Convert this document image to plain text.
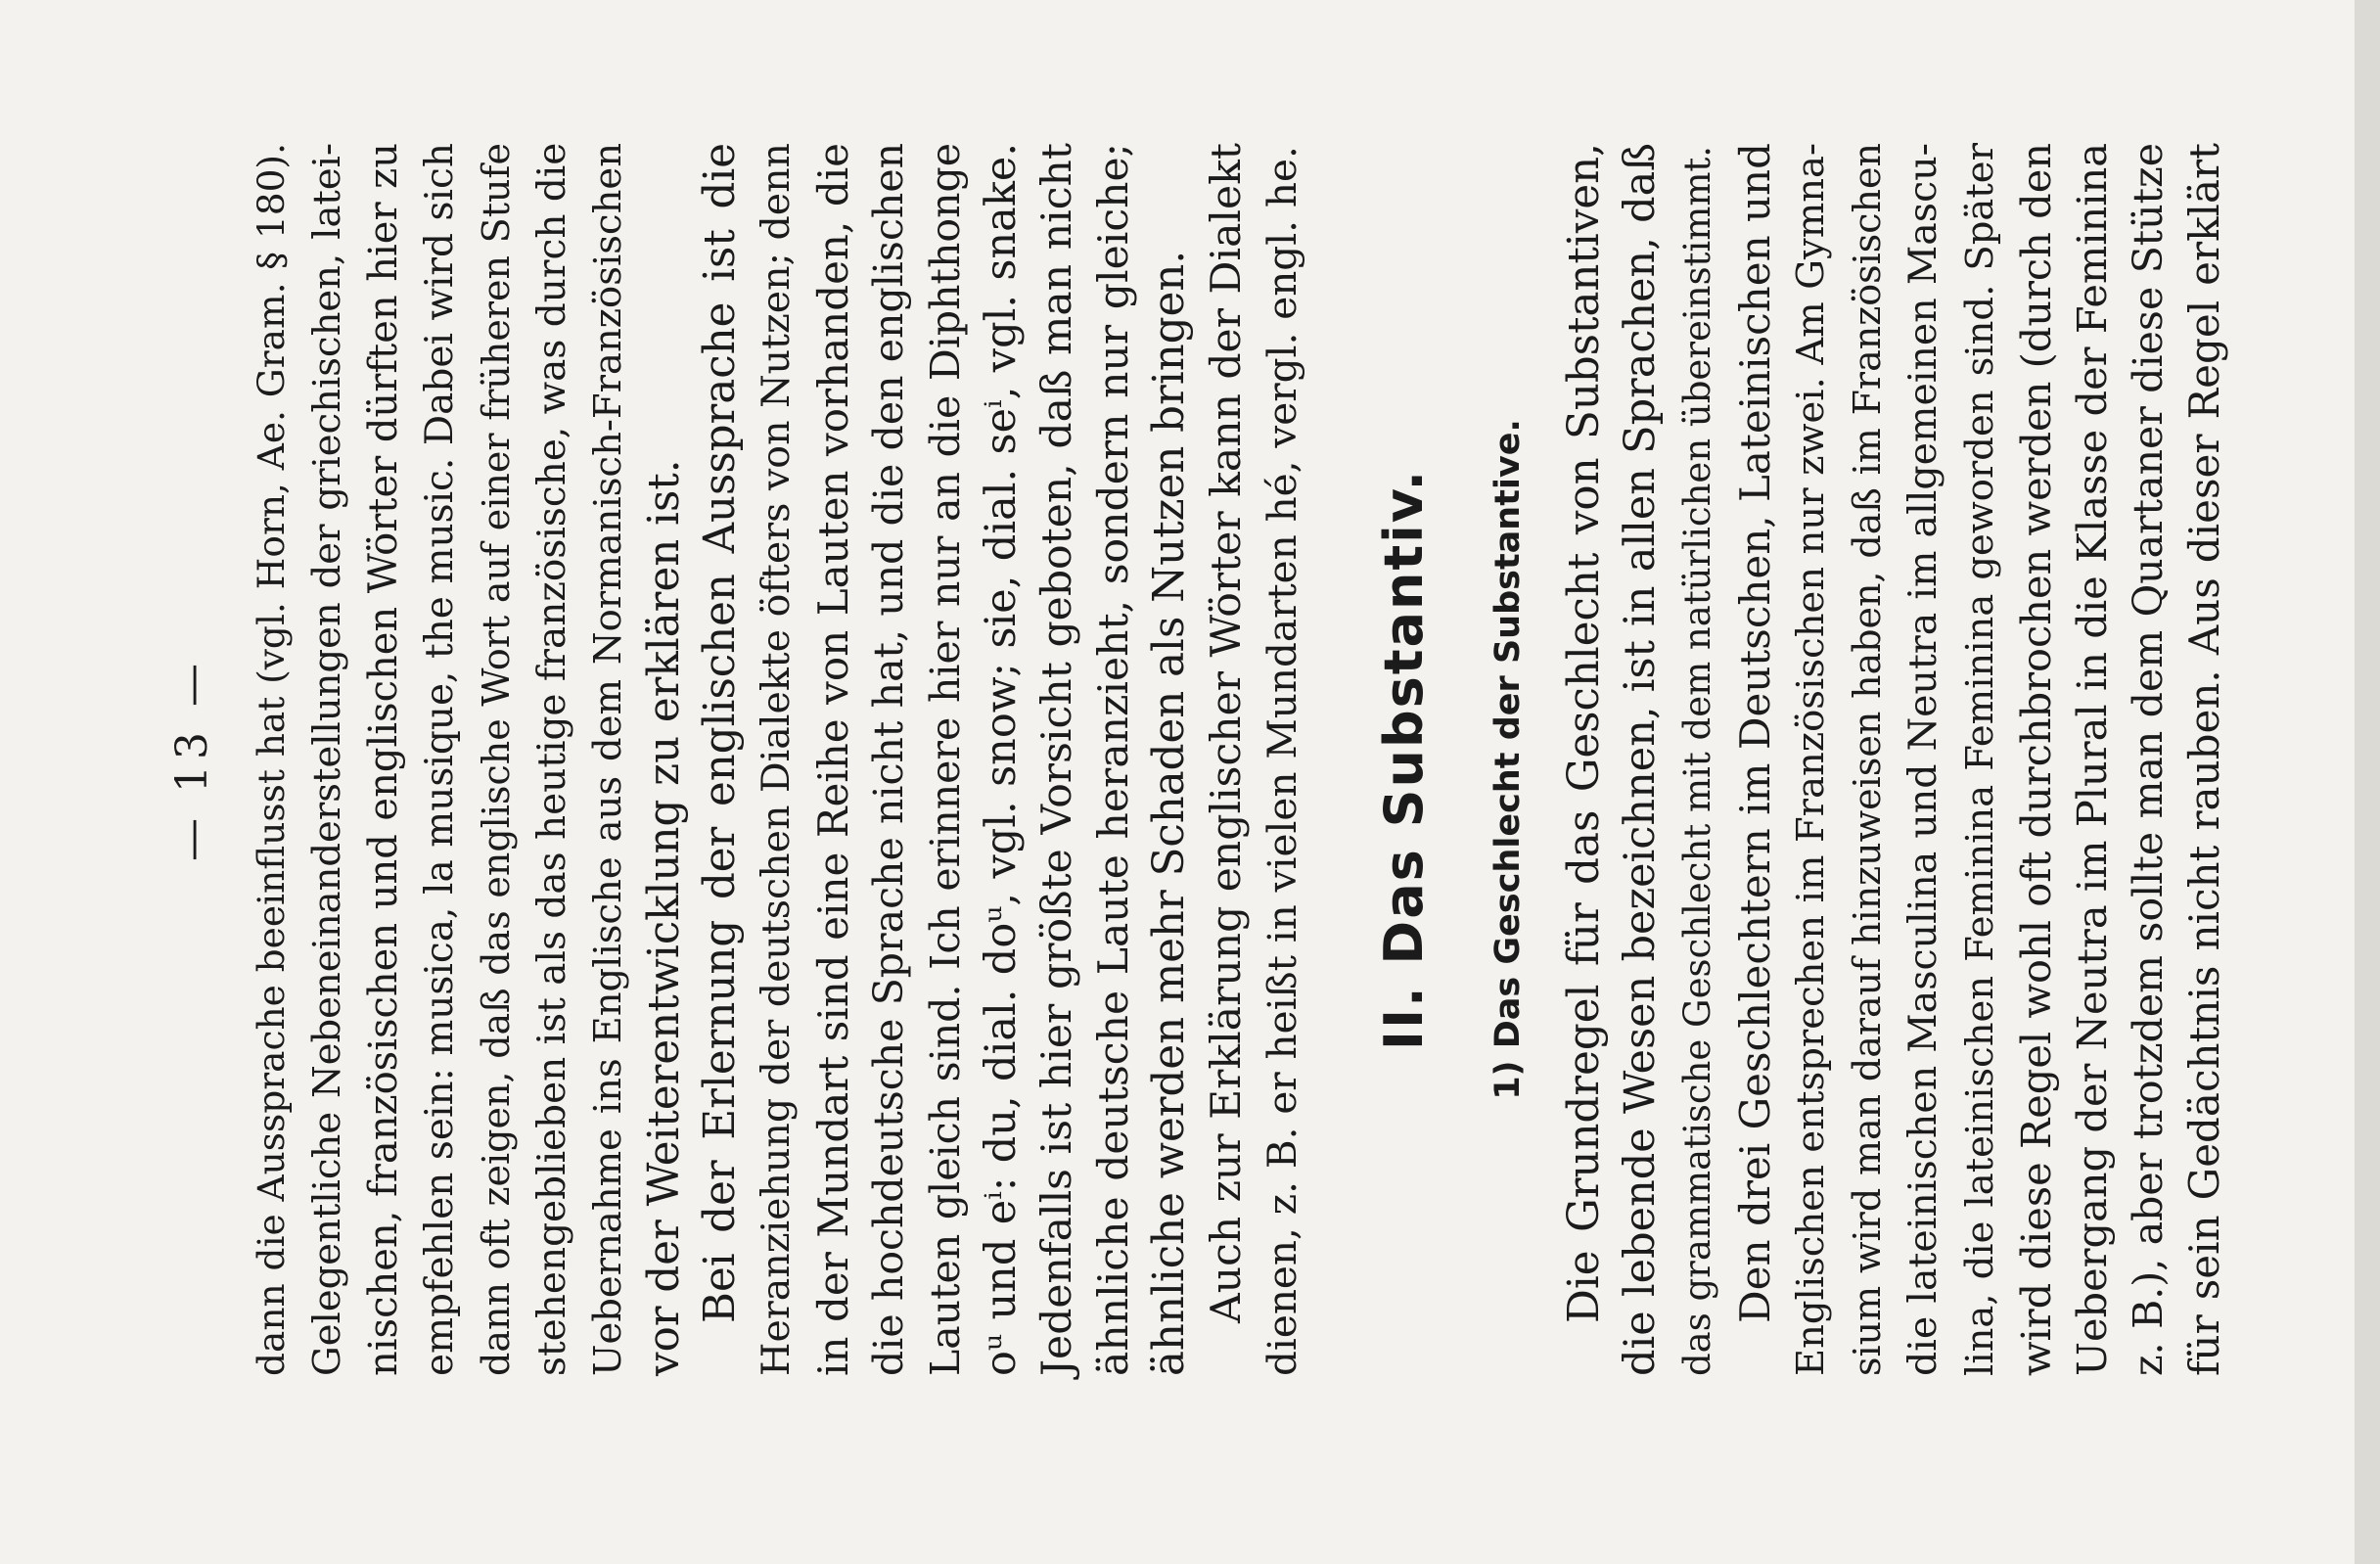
— 13 — dann die Aussprache beeinflusst hat (vgl. Horn, Ae. Gram. § 180). Gelegentliche Nebeneinanderstellungen der griechischen, latei- nischen, französischen und englischen Wörter dürften hier zu empfehlen sein: musica, la musique, the music. Dabei wird sich dann oft zeigen, daß das englische Wort auf einer früheren Stufe stehengeblieben ist als das heutige französische, was durch die Uebernahme ins Englische aus dem Normanisch-Französischen vor der Weiterentwicklung zu erklären ist. Bei der Erlernung der englischen Aussprache ist die Heranziehung der deutschen Dialekte öfters von Nutzen; denn in der Mundart sind eine Reihe von Lauten vorhanden, die die hochdeutsche Sprache nicht hat, und die den englischen Lauten gleich sind. Ich erinnere hier nur an die Diphthonge oᵘ und eⁱ: du, dial. doᵘ, vgl. snow; sie, dial. seⁱ, vgl. snake. Jedenfalls ist hier größte Vorsicht geboten, daß man nicht ähnliche deutsche Laute heranzieht, sondern nur gleiche; ähnliche werden mehr Schaden als Nutzen bringen. Auch zur Erklärung englischer Wörter kann der Dialekt dienen, z. B. er heißt in vielen Mundarten hé, vergl. engl. he. II. Das Substantiv. 1) Das Geschlecht der Substantive. Die Grundregel für das Geschlecht von Substantiven, die lebende Wesen bezeichnen, ist in allen Sprachen, daß das grammatische Geschlecht mit dem natürlichen übereinstimmt. Den drei Geschlechtern im Deutschen, Lateinischen und Englischen entsprechen im Französischen nur zwei. Am Gymna- sium wird man darauf hinzuweisen haben, daß im Französischen die lateinischen Masculina und Neutra im allgemeinen Mascu- lina, die lateinischen Feminina Feminina geworden sind. Später wird diese Regel wohl oft durchbrochen werden (durch den Uebergang der Neutra im Plural in die Klasse der Feminina z. B.), aber trotzdem sollte man dem Quartaner diese Stütze für sein Gedächtnis nicht rauben. Aus dieser Regel erklärt
